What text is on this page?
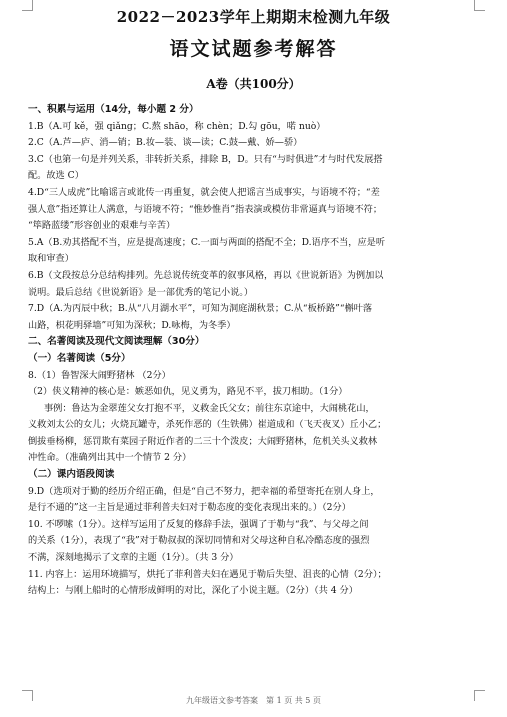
2022－2023学年上期期末检测九年级
语文试题参考解答
A卷（共100分）
一、积累与运用（14分，每小题 2 分）
1.B（A.可 kě，强 qiǎng；C.熬 shāo，称 chèn；D.勾 gōu，喏 nuò）
2.C（A.芦—庐、消—销；B.妆—装、谈—读；C.鼓—戴、娇—骄）
3.C（也第一句是并列关系，非转折关系，排除 B，D。只有“与时俱进”才与时代发展搭
配。故选 C）
4.D“三人成虎”比喻谣言或讹传一再重复，就会使人把谣言当成事实，与语境不符；“差
强人意”指还算让人满意，与语境不符；“惟妙惟肖”指表演或模仿非常逼真与语境不符；
“筚路蓝缕”形容创业的艰难与辛苦）
5.A（B.劝其搭配不当，应是提高速度；C.一面与两面的搭配不全；D.语序不当，应是听
取和审查）
6.B（文段按总分总结构排列。先总说传统变革的叙事风格，再以《世说新语》为例加以
说明。最后总结《世说新语》是一部优秀的笔记小说。）
7.D（A.为丙辰中秋；B.从“八月湖水平”，可知为洞庭湖秋景；C.从“板桥路”“槲叶落
山路，枳花明驿墙”可知为深秋；D.咏梅，为冬季）
二、名著阅读及现代文阅读理解（30分）
（一）名著阅读（5分）
8.（1）鲁智深大闹野猪林 （2分）
（2）侠义精神的核心是：嫉恶如仇，见义勇为，路见不平，拔刀相助。（1分）
事例：鲁达为金翠莲父女打抱不平，义救金氏父女；前往东京途中，大闹桃花山，
义救刘太公的女儿；火烧瓦罐寺，杀死作恶的（生铁佛）崔道成和（飞天夜叉）丘小乙；
倒拔垂杨柳，惩罚欺有菜园子附近作者的二三十个泼皮；大闹野猪林，危机关头义救林
冲性命。（准确列出其中一个情节 2 分）
（二）课内语段阅读
9.D（选项对于勤的经历介绍正确，但是“自己不努力，把幸福的希望寄托在别人身上，
是行不通的”这一主旨是通过菲利普夫妇对于勒态度的变化表现出来的。）（2分）
10. 不啰嗦（1分）。这样写运用了反复的修辞手法，强调了于勒与“我”、与父母之间
的关系（1分），表现了“我”对于勒叔叔的深切同情和对父母这种自私冷酷态度的强烈
不满，深刻地揭示了文章的主题（1分）。（共 3 分）
11. 内容上：运用环境描写，烘托了菲利普夫妇在遇见于勒后失望、沮丧的心情（2分）；
结构上：与刚上船时的心情形成鲜明的对比，深化了小说主题。（2分）（共 4 分）
九年级语文参考答案　第 1 页 共 5 页
